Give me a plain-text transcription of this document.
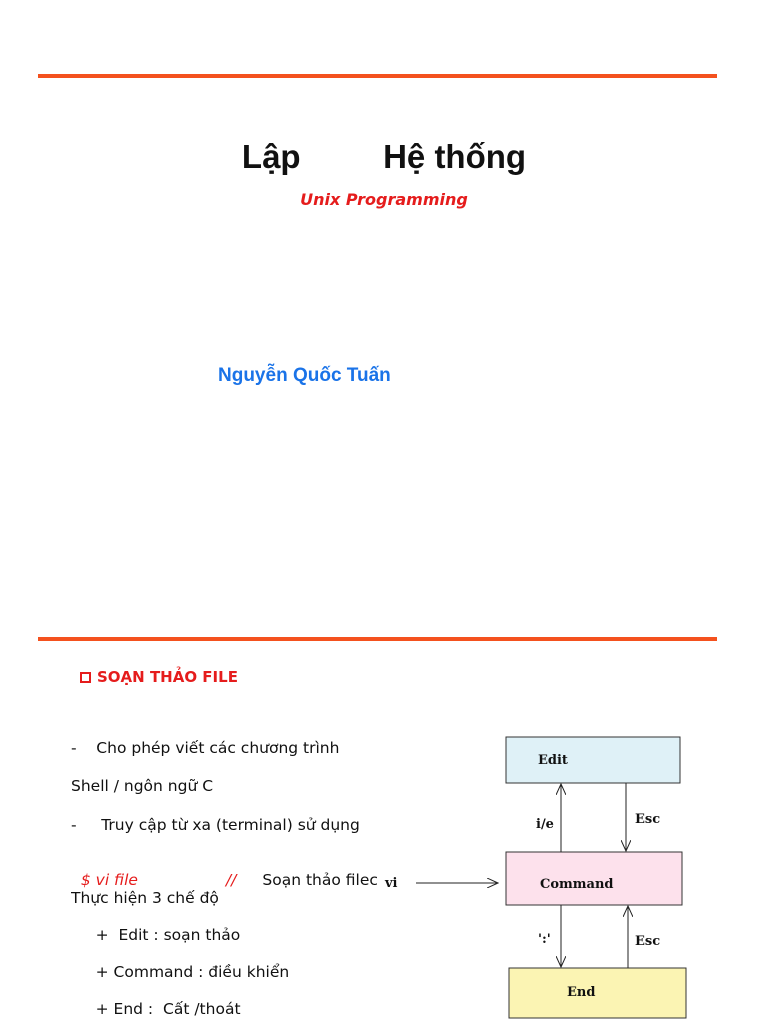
Lập         Hệ thống
Unix Programming
Nguyễn Quốc Tuấn
SOẠN THẢO FILE
-    Cho phép viết các chương trình
Shell / ngôn ngữ C
-     Truy cập từ xa (terminal) sử dụng

$ vi file	// Soạn thảo filec

Thực hiện 3 chế độ
+  Edit : soạn thảo
+ Command : điều khiển
+ End :  Cất /thoát
Edit
Command
End
i/e	Esc
':'	Esc
vi
